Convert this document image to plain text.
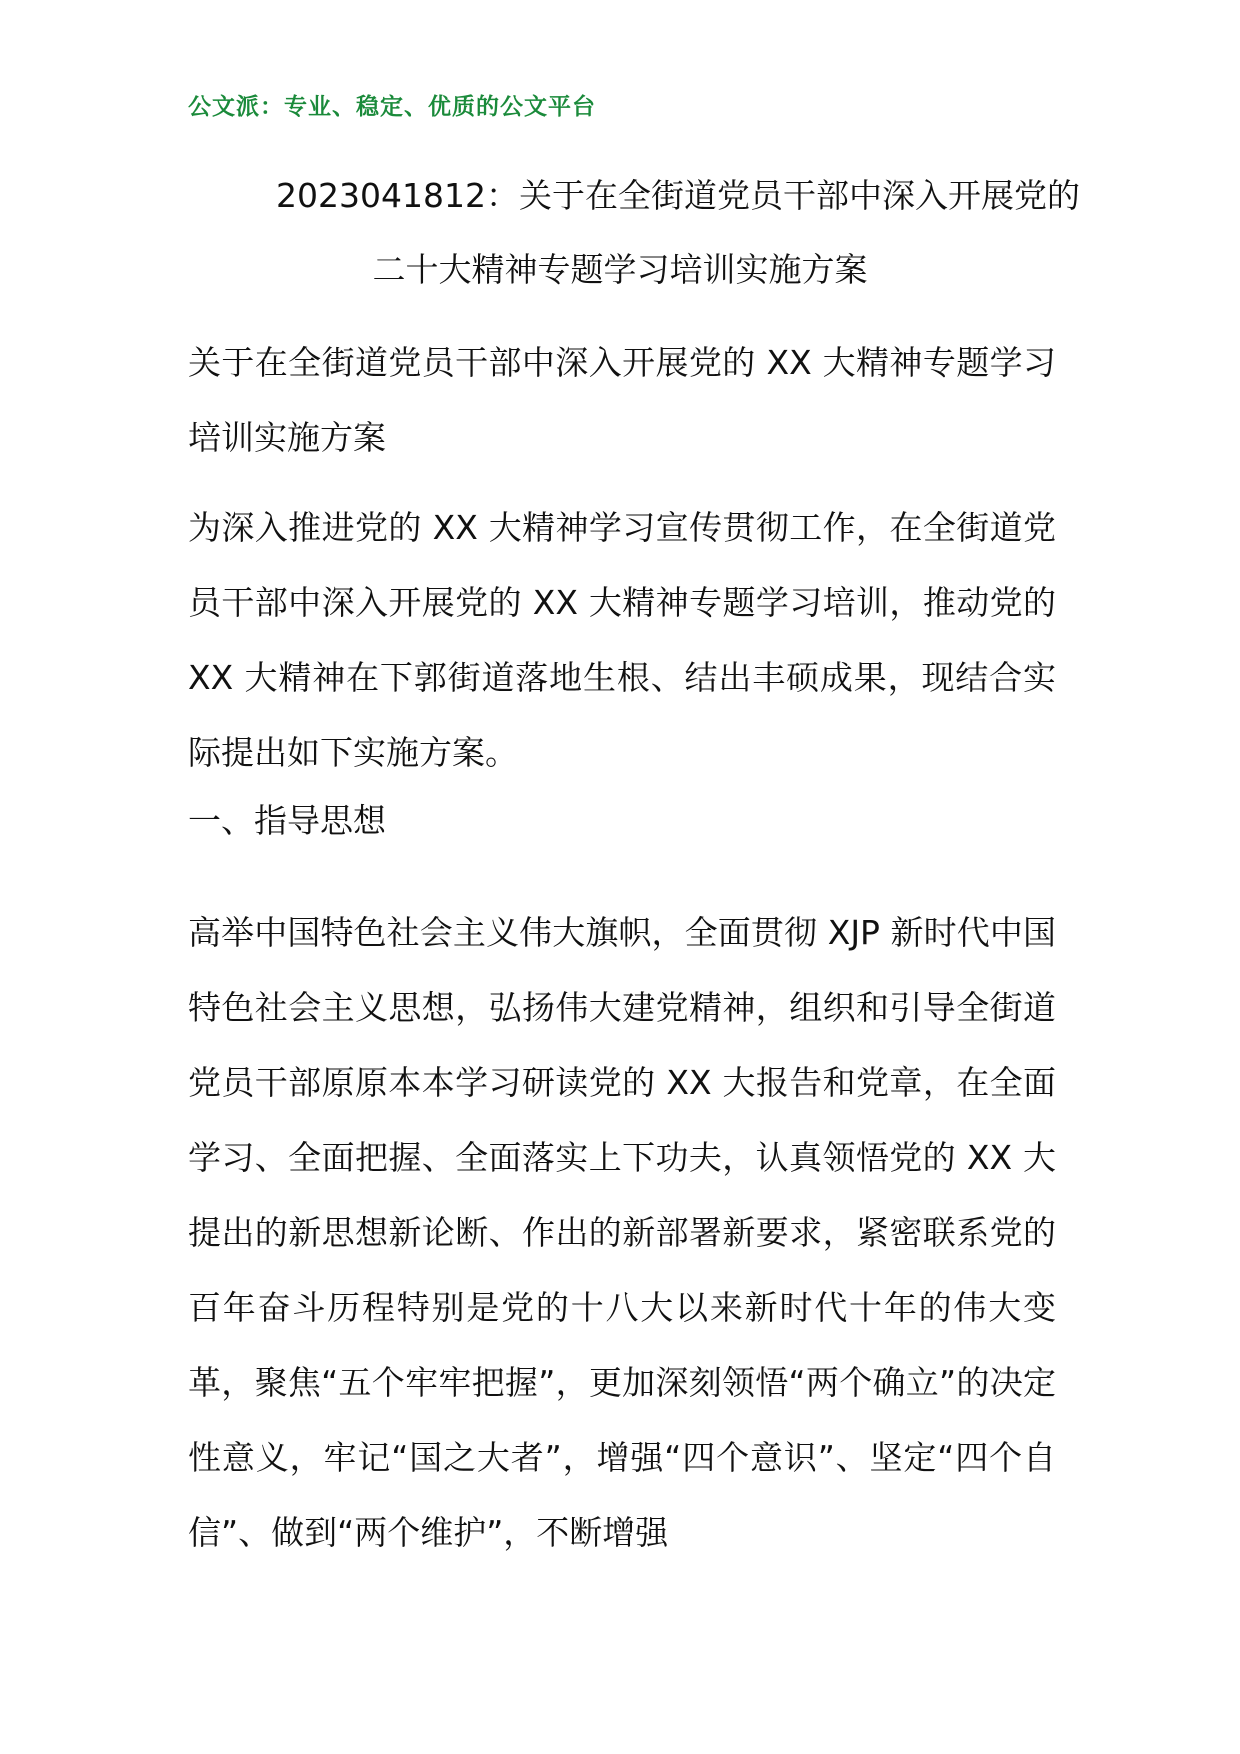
公文派：专业、稳定、优质的公文平台
2023041812：关于在全街道党员干部中深入开展党的
二十大精神专题学习培训实施方案
关于在全街道党员干部中深入开展党的 XX 大精神专题学习培训实施方案
为深入推进党的 XX 大精神学习宣传贯彻工作，在全街道党员干部中深入开展党的 XX 大精神专题学习培训，推动党的 XX 大精神在下郭街道落地生根、结出丰硕成果，现结合实际提出如下实施方案。
一、指导思想
高举中国特色社会主义伟大旗帜，全面贯彻 XJP 新时代中国特色社会主义思想，弘扬伟大建党精神，组织和引导全街道党员干部原原本本学习研读党的 XX 大报告和党章，在全面学习、全面把握、全面落实上下功夫，认真领悟党的 XX 大提出的新思想新论断、作出的新部署新要求，紧密联系党的百年奋斗历程特别是党的十八大以来新时代十年的伟大变革，聚焦“五个牢牢把握”，更加深刻领悟“两个确立”的决定性意义，牢记“国之大者”，增强“四个意识”、坚定“四个自信”、做到“两个维护”，不断增强
